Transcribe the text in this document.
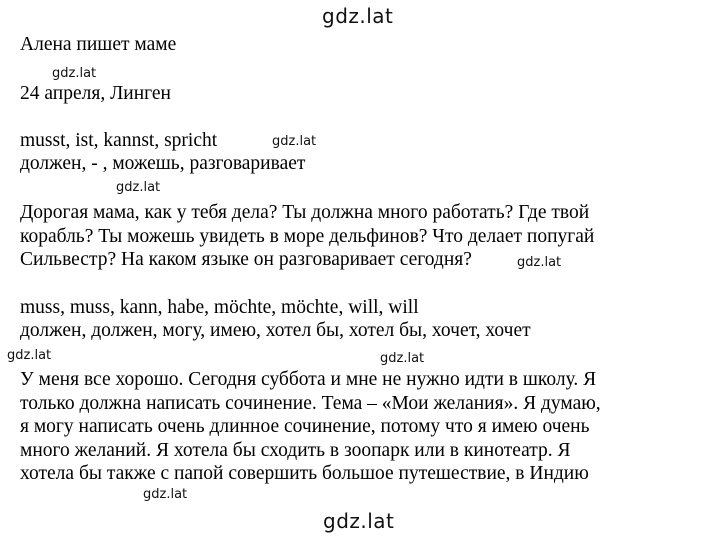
gdz.lat
gdz.lat
gdz.lat
gdz.lat
gdz.lat
gdz.lat	gdz.lat
gdz.lat
gdz.lat
Алена пишет маме
24 апреля, Линген
musst, ist, kannst, spricht
должен, - , можешь, разговаривает
Дорогая мама, как у тебя дела? Ты должна много работать? Где твой
корабль? Ты можешь увидеть в море дельфинов? Что делает попугай
Сильвестр? На каком языке он разговаривает сегодня?
muss, muss, kann, habe, möchte, möchte, will, will
должен, должен, могу, имею, хотел бы, хотел бы, хочет, хочет
У меня все хорошо. Сегодня суббота и мне не нужно идти в школу. Я
только должна написать сочинение. Тема – «Мои желания». Я думаю,
я могу написать очень длинное сочинение, потому что я имею очень
много желаний. Я хотела бы сходить в зоопарк или в кинотеатр. Я
хотела бы также с папой совершить большое путешествие, в Индию
